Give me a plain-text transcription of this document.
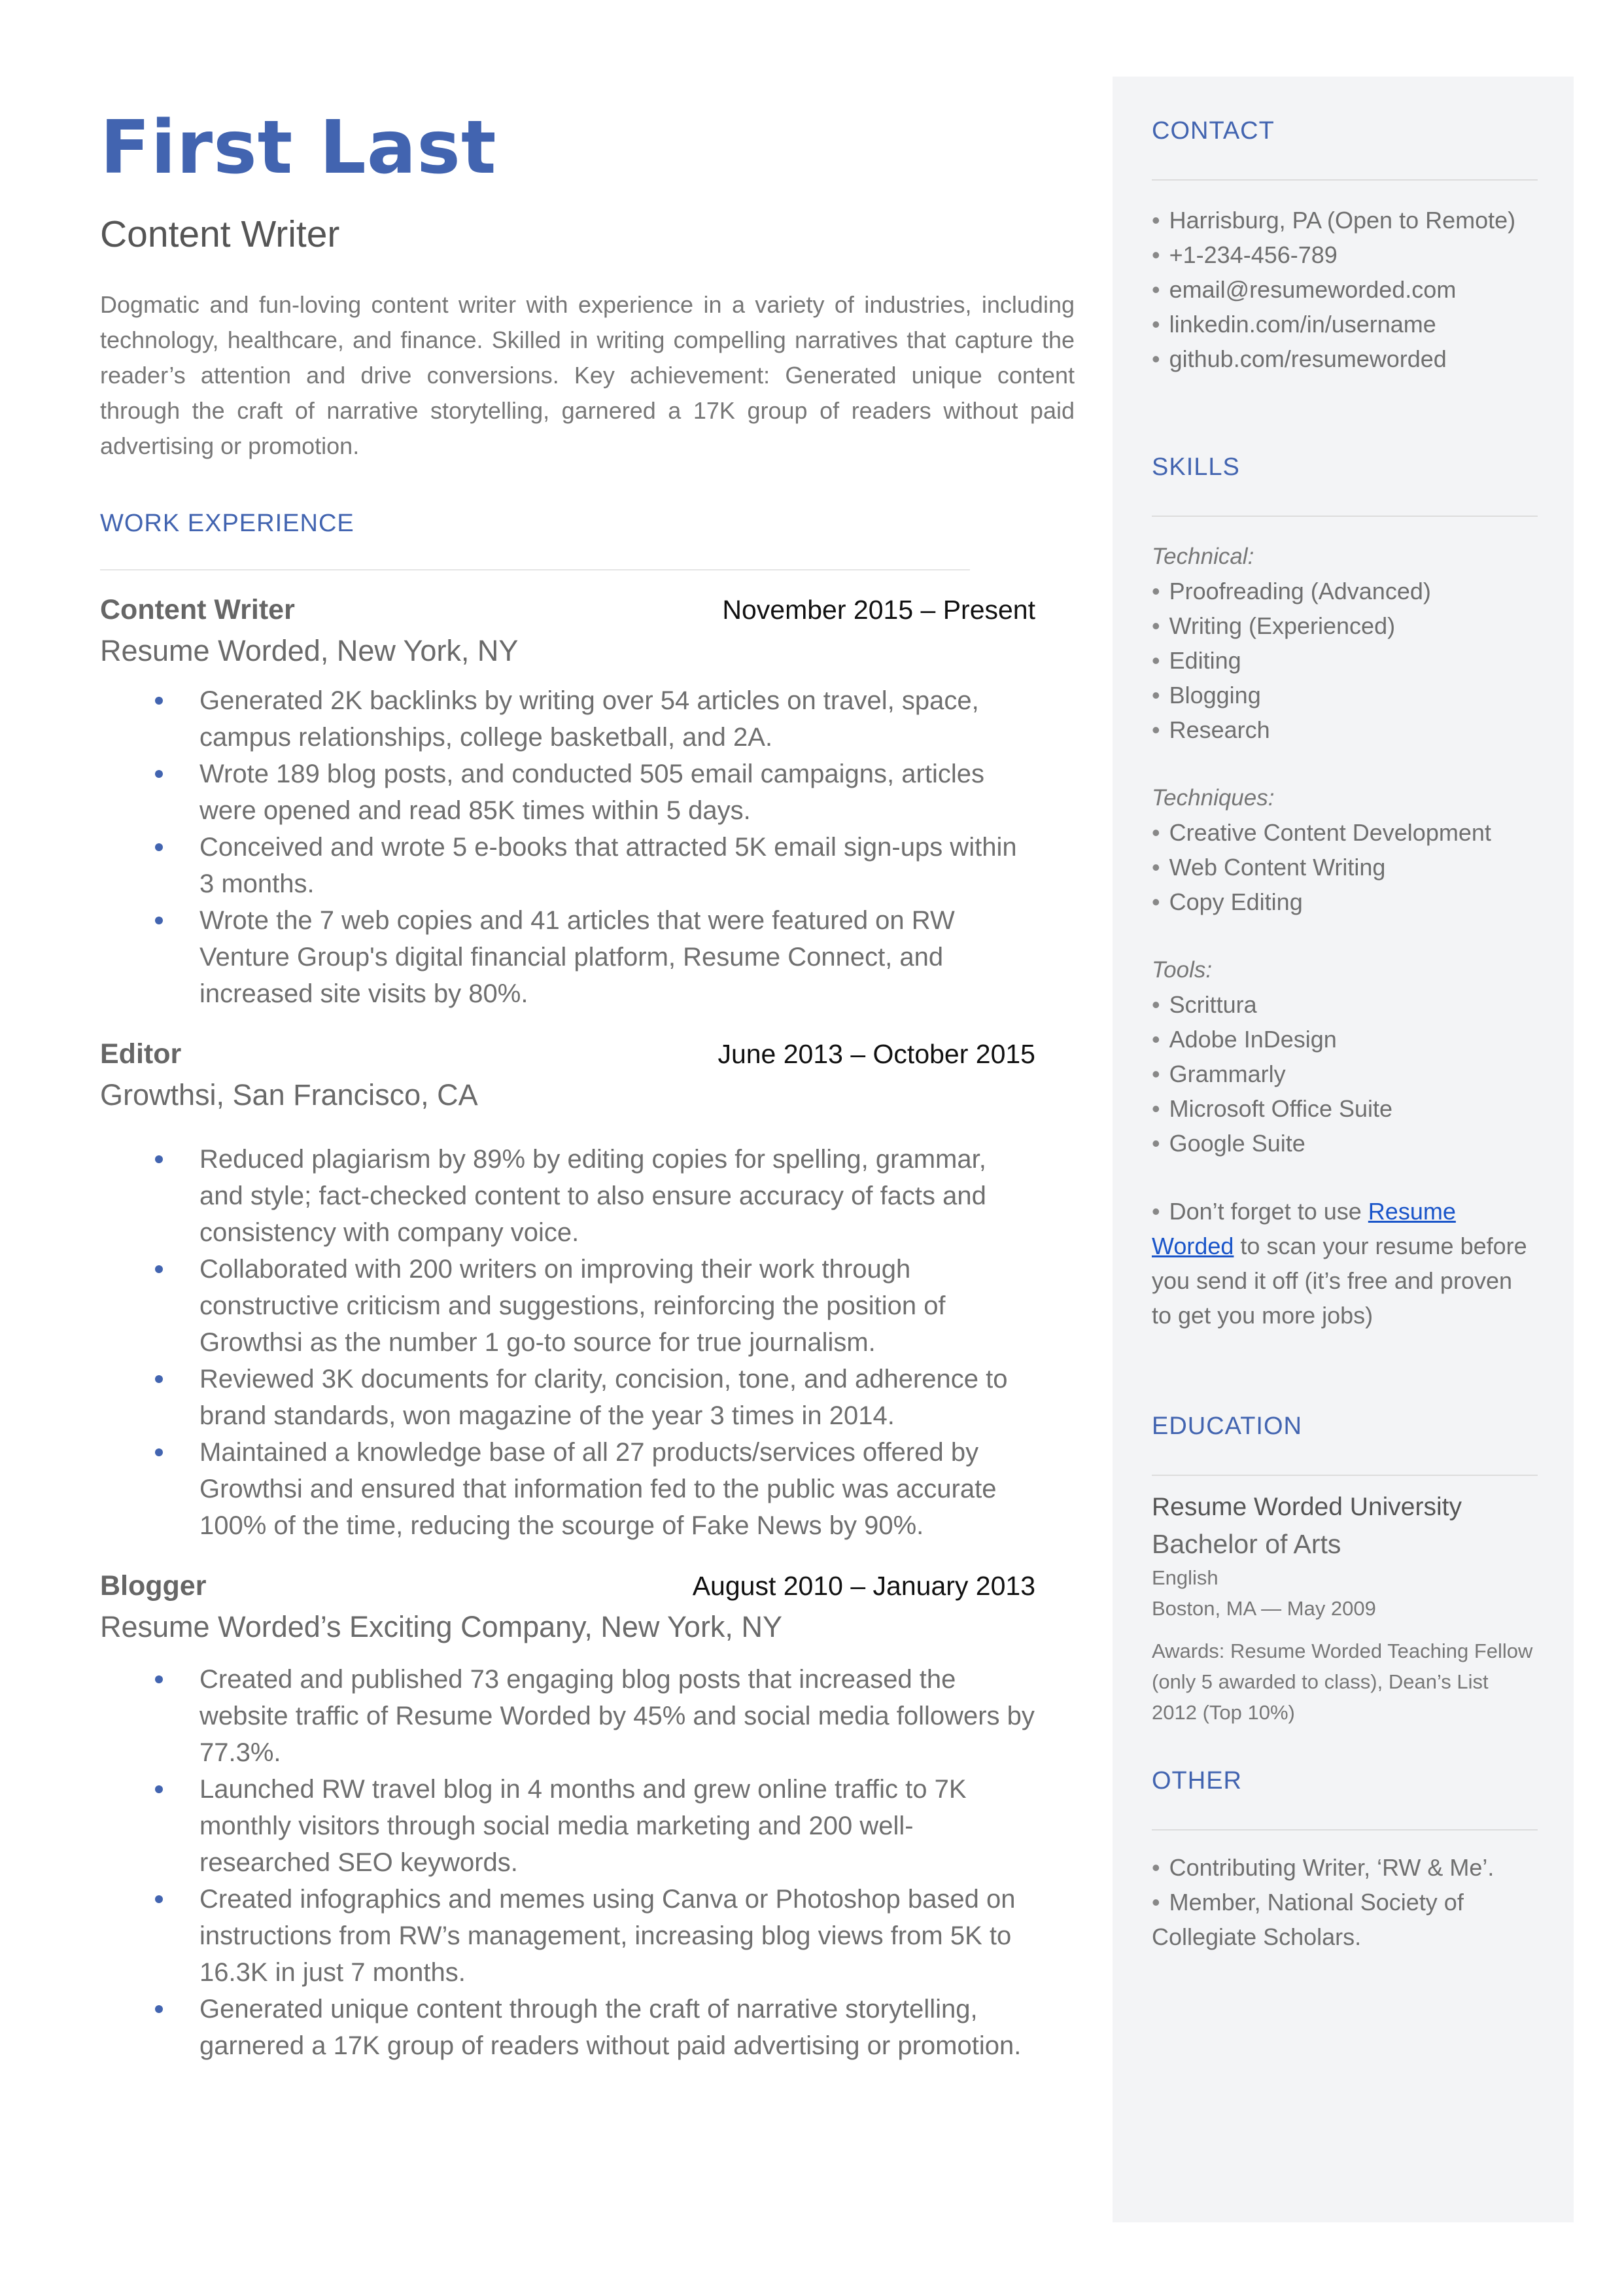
First Last
Content Writer
Dogmatic and fun-loving content writer with experience in a variety of industries, including technology, healthcare, and finance. Skilled in writing compelling narratives that capture the reader’s attention and drive conversions. Key achievement: Generated unique content through the craft of narrative storytelling, garnered a 17K group of readers without paid advertising or promotion.
WORK EXPERIENCE
Content Writer	November 2015 – Present
Resume Worded, New York, NY
Generated 2K backlinks by writing over 54 articles on travel, space, campus relationships, college basketball, and 2A.
Wrote 189 blog posts, and conducted 505 email campaigns, articles were opened and read 85K times within 5 days.
Conceived and wrote 5 e-books that attracted 5K email sign-ups within 3 months.
Wrote the 7 web copies and 41 articles that were featured on RW Venture Group's digital financial platform, Resume Connect, and increased site visits by 80%.
Editor	June 2013 – October 2015
Growthsi, San Francisco, CA
Reduced plagiarism by 89% by editing copies for spelling, grammar, and style; fact-checked content to also ensure accuracy of facts and consistency with company voice.
Collaborated with 200 writers on improving their work through constructive criticism and suggestions, reinforcing the position of Growthsi as the number 1 go-to source for true journalism.
Reviewed 3K documents for clarity, concision, tone, and adherence to brand standards, won magazine of the year 3 times in 2014.
Maintained a knowledge base of all 27 products/services offered by Growthsi and ensured that information fed to the public was accurate 100% of the time, reducing the scourge of Fake News by 90%.
Blogger	August 2010 – January 2013
Resume Worded’s Exciting Company, New York, NY
Created and published 73 engaging blog posts that increased the website traffic of Resume Worded by 45% and social media followers by 77.3%.
Launched RW travel blog in 4 months and grew online traffic to 7K monthly visitors through social media marketing and 200 well-researched SEO keywords.
Created infographics and memes using Canva or Photoshop based on instructions from RW’s management, increasing blog views from 5K to 16.3K in just 7 months.
Generated unique content through the craft of narrative storytelling, garnered a 17K group of readers without paid advertising or promotion.
CONTACT
• Harrisburg, PA (Open to Remote)
• +1-234-456-789
• email@resumeworded.com
• linkedin.com/in/username
• github.com/resumeworded
SKILLS
Technical:
• Proofreading (Advanced)
• Writing (Experienced)
• Editing
• Blogging
• Research
Techniques:
• Creative Content Development
• Web Content Writing
• Copy Editing
Tools:
• Scrittura
• Adobe InDesign
• Grammarly
• Microsoft Office Suite
• Google Suite
• Don’t forget to use Resume Worded to scan your resume before you send it off (it’s free and proven to get you more jobs)
EDUCATION
Resume Worded University
Bachelor of Arts
English
Boston, MA — May 2009
Awards: Resume Worded Teaching Fellow (only 5 awarded to class), Dean’s List 2012 (Top 10%)
OTHER
• Contributing Writer, ‘RW & Me’.
• Member, National Society of Collegiate Scholars.
